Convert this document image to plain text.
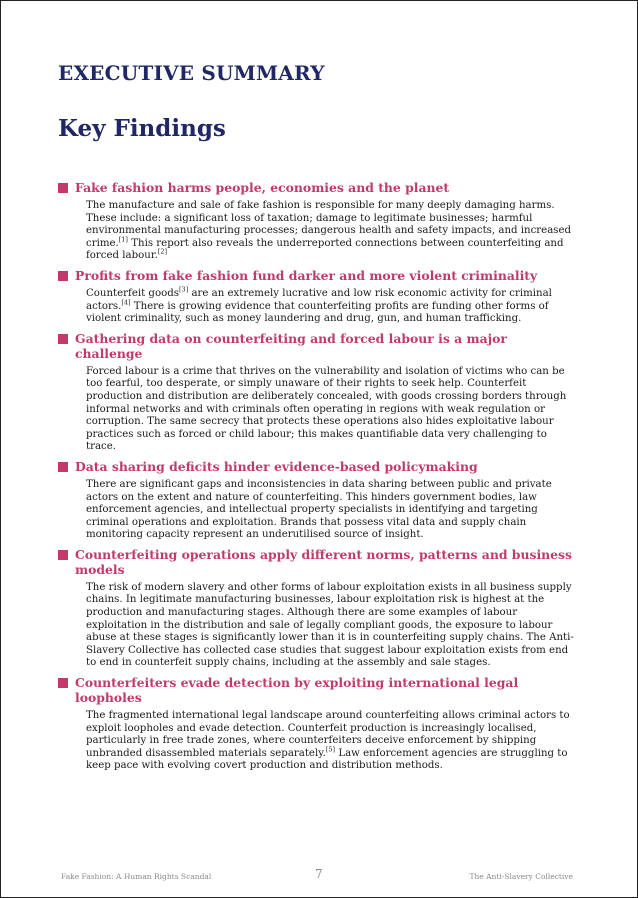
EXECUTIVE SUMMARY
Key Findings
Fake fashion harms people, economies and the planet
The manufacture and sale of fake fashion is responsible for many deeply damaging harms. These include: a significant loss of taxation; damage to legitimate businesses; harmful environmental manufacturing processes; dangerous health and safety impacts, and increased crime.[1] This report also reveals the underreported connections between counterfeiting and forced labour.[2]
Profits from fake fashion fund darker and more violent criminality
Counterfeit goods[3] are an extremely lucrative and low risk economic activity for criminal actors.[4] There is growing evidence that counterfeiting profits are funding other forms of violent criminality, such as money laundering and drug, gun, and human trafficking.
Gathering data on counterfeiting and forced labour is a major challenge
Forced labour is a crime that thrives on the vulnerability and isolation of victims who can be too fearful, too desperate, or simply unaware of their rights to seek help. Counterfeit production and distribution are deliberately concealed, with goods crossing borders through informal networks and with criminals often operating in regions with weak regulation or corruption. The same secrecy that protects these operations also hides exploitative labour practices such as forced or child labour; this makes quantifiable data very challenging to trace.
Data sharing deficits hinder evidence-based policymaking
There are significant gaps and inconsistencies in data sharing between public and private actors on the extent and nature of counterfeiting. This hinders government bodies, law enforcement agencies, and intellectual property specialists in identifying and targeting criminal operations and exploitation. Brands that possess vital data and supply chain monitoring capacity represent an underutilised source of insight.
Counterfeiting operations apply different norms, patterns and business models
The risk of modern slavery and other forms of labour exploitation exists in all business supply chains. In legitimate manufacturing businesses, labour exploitation risk is highest at the production and manufacturing stages. Although there are some examples of labour exploitation in the distribution and sale of legally compliant goods, the exposure to labour abuse at these stages is significantly lower than it is in counterfeiting supply chains. The Anti-Slavery Collective has collected case studies that suggest labour exploitation exists from end to end in counterfeit supply chains, including at the assembly and sale stages.
Counterfeiters evade detection by exploiting international legal loopholes
The fragmented international legal landscape around counterfeiting allows criminal actors to exploit loopholes and evade detection. Counterfeit production is increasingly localised, particularly in free trade zones, where counterfeiters deceive enforcement by shipping unbranded disassembled materials separately.[5] Law enforcement agencies are struggling to keep pace with evolving covert production and distribution methods.
Fake Fashion: A Human Rights Scandal	7	The Anti-Slavery Collective
